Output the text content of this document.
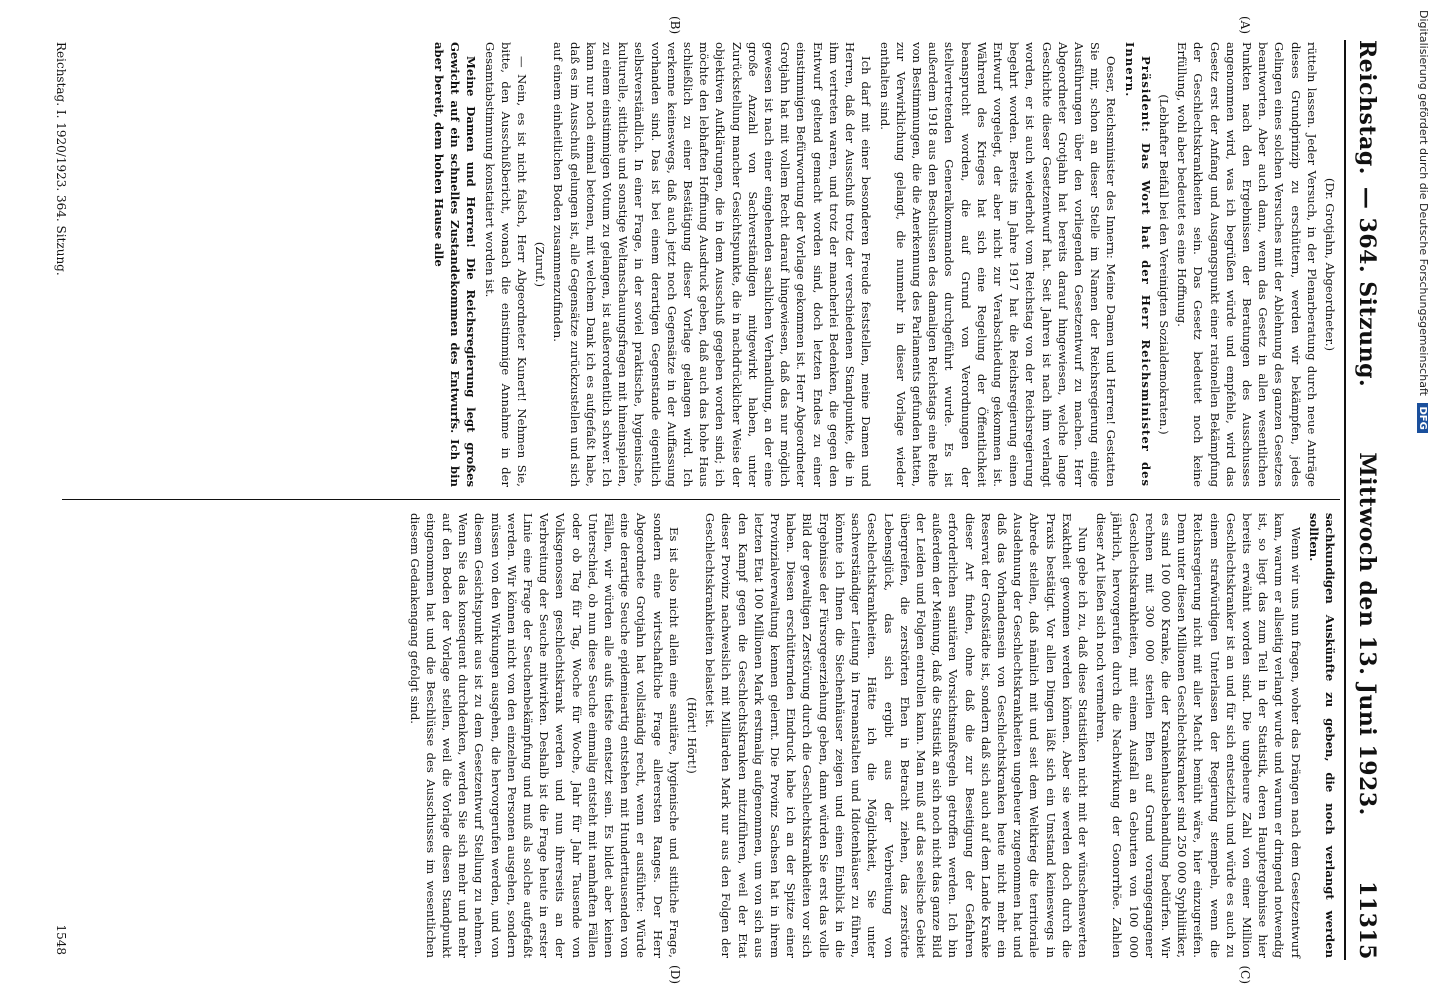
Reichstag.
— 364. Sitzung.
Mittwoch den 13. Juni 1923.
11315
(A)
(B)
(C)
(D)

(Dr. Grotjahn, Abgeordneter.)

rütteln lassen. Jeder Versuch, in der Plenarberatung durch neue Anträge dieses Grundprinzip zu erschüttern, werden wir bekämpfen, jedes Gelingen eines solchen Versuches mit der Ablehnung des ganzen Gesetzes beantworten. Aber auch dann, wenn das Gesetz in allen wesentlichen Punkten nach den Ergebnissen der Beratungen des Ausschusses angenommen wird, was ich begrüßen würde und empfehle, wird das Gesetz erst der Anfang und Ausgangspunkt einer rationellen Bekämpfung der Geschlechtskrankheiten sein. Das Gesetz bedeutet noch keine Erfüllung, wohl aber bedeutet es eine Hoffnung.

(Lebhafter Beifall bei den Vereinigten Sozialdemokraten.)

Präsident: Das Wort hat der Herr Reichsminister des Innern.

Oeser, Reichsminister des Innern: Meine Damen und Herren! Gestatten Sie mir, schon an dieser Stelle im Namen der Reichsregierung einige Ausführungen über den vorliegenden Gesetzentwurf zu machen. Herr Abgeordneter Grotjahn hat bereits darauf hingewiesen, welche lange Geschichte dieser Gesetzentwurf hat. Seit Jahren ist nach ihm verlangt worden, er ist auch wiederholt vom Reichstag von der Reichsregierung begehrt worden. Bereits im Jahre 1917 hat die Reichsregierung einen Entwurf vorgelegt, der aber nicht zur Verabschiedung gekommen ist. Während des Krieges hat sich eine Regelung der Öffentlichkeit beansprucht worden, die auf Grund von Verordnungen der stellvertretenden Generalkommandos durchgeführt wurde. Es ist außerdem 1918 aus den Beschlüssen des damaligen Reichstags eine Reihe von Bestimmungen, die die Anerkennung des Parlaments gefunden hatten, zur Verwirklichung gelangt, die nunmehr in dieser Vorlage wieder enthalten sind.

Ich darf mit einer besonderen Freude feststellen, meine Damen und Herren, daß der Ausschuß trotz der verschiedenen Standpunkte, die in ihm vertreten waren, und trotz der mancherlei Bedenken, die gegen den Entwurf geltend gemacht worden sind, doch letzten Endes zu einer einstimmigen Befürwortung der Vorlage gekommen ist. Herr Abgeordneter Grotjahn hat mit vollem Recht darauf hingewiesen, daß das nur möglich gewesen ist nach einer eingehenden sachlichen Verhandlung, an der eine große Anzahl von Sachverständigen mitgewirkt haben, unter Zurückstellung mancher Gesichtspunkte, die in nachdrücklicher Weise der objektiven Aufklärungen, die in dem Ausschuß gegeben worden sind; ich möchte den lebhaften Hoffnung Ausdruck geben, daß auch das hohe Haus schließlich zu einer Bestätigung dieser Vorlage gelangen wird. Ich verkenne keineswegs, daß auch jetzt noch Gegensätze in der Auffassung vorhanden sind. Das ist bei einem derartigen Gegenstande eigentlich selbstverständlich. In einer Frage, in der soviel praktische, hygienische, kulturelle, sittliche und sonstige Weltanschauungsfragen mit hineinspielen, zu einem einstimmigen Votum zu gelangen, ist außerordentlich schwer. Ich kann nur noch einmal betonen, mit welchem Dank ich es aufgefaßt habe, daß es im Ausschuß gelungen ist, alle Gegensätze zurückzustellen und sich auf einem einheitlichen Boden zusammenzufinden.

(Zuruf.)

— Nein, es ist nicht falsch, Herr Abgeordneter Kunert! Nehmen Sie, bitte, den Ausschußbericht, wonach die einstimmige Annahme in der Gesamtabstimmung konstatiert worden ist.

Meine Damen und Herren! Die Reichsregierung legt großes Gewicht auf ein schnelles Zustandekommen des Entwurfs. Ich bin aber bereit, dem hohen Hause alle

sachkundigen Auskünfte zu geben, die noch verlangt werden sollten.

Wenn wir uns nun fragen, woher das Drängen nach dem Gesetzentwurf kam, warum er allseitig verlangt wurde und warum er dringend notwendig ist, so liegt das zum Teil in der Statistik, deren Hauptergebnisse hier bereits erwähnt worden sind. Die ungeheure Zahl von einer Million Geschlechtskranker ist an und für sich entsetzlich und würde es auch zu einem strafwürdigen Unterlassen der Regierung stempeln, wenn die Reichsregierung nicht mit aller Macht bemüht wäre, hier einzugreifen. Denn unter diesen Millionen Geschlechtskranker sind 250 000 Syphilitiker, es sind 100 000 Kranke, die der Krankenhausbehandlung bedürfen. Wir rechnen mit 300 000 sterilen Ehen auf Grund vorangegangener Geschlechtskrankheiten, mit einem Ausfall an Geburten von 100 000 jährlich, hervorgerufen durch die Nachwirkung der Gonorrhöe. Zahlen dieser Art ließen sich noch vermehren.

Nun gebe ich zu, daß diese Statistiken nicht mit der wünschenswerten Exaktheit gewonnen werden können. Aber sie werden doch durch die Praxis bestätigt. Vor allen Dingen läßt sich ein Umstand keineswegs in Abrede stellen, daß nämlich mit und seit dem Weltkrieg die territoriale Ausdehnung der Geschlechtskrankheiten ungeheuer zugenommen hat und daß das Vorhandensein von Geschlechtskranken heute nicht mehr ein Reservat der Großstädte ist, sondern daß sich auch auf dem Lande Kranke dieser Art finden, ohne daß die zur Beseitigung der Gefahren erforderlichen sanitären Vorsichtsmaßregeln getroffen werden. Ich bin außerdem der Meinung, daß die Statistik an sich noch nicht das ganze Bild der Leiden und Folgen entrollen kann. Man muß auf das seelische Gebiet übergreifen, die zerstörten Ehen in Betracht ziehen, das zerstörte Lebensglück, das sich ergibt aus der Verbreitung von Geschlechtskrankheiten. Hätte ich die Möglichkeit, Sie unter sachverständiger Leitung in Irrenanstalten und Idiotenhäuser zu führen, könnte ich Ihnen die Siechenhäuser zeigen und einen Einblick in die Ergebnisse der Fürsorgeerziehung geben, dann würden Sie erst das volle Bild der gewaltigen Zerstörung durch die Geschlechtskrankheiten vor sich haben. Diesen erschütternden Eindruck habe ich an der Spitze einer Provinzialverwaltung kennen gelernt. Die Provinz Sachsen hat in ihrem letzten Etat 100 Millionen Mark erstmalig aufgenommen, um von sich aus den Kampf gegen die Geschlechtskranken mitzuführen, weil der Etat dieser Provinz nachweislich mit Milliarden Mark nur aus den Folgen der Geschlechtskrankheiten belastet ist.

(Hört! Hört!)

Es ist also nicht allein eine sanitäre, hygienische und sittliche Frage, sondern eine wirtschaftliche Frage allerersten Ranges. Der Herr Abgeordnete Grotjahn hat vollständig recht, wenn er ausführte: Würde eine derartige Seuche epidemieartig entstehen mit Hunderttausenden von Fällen, wir würden alle aufs tiefste entsetzt sein. Es bildet aber keinen Unterschied, ob nun diese Seuche einmalig entsteht mit namhaften Fällen oder ob Tag für Tag, Woche für Woche, Jahr für Jahr Tausende von Volksgenossen geschlechtskrank werden und nun ihrerseits an der Verbreitung der Seuche mitwirken. Deshalb ist die Frage heute in erster Linie eine Frage der Seuchenbekämpfung und muß als solche aufgefaßt werden. Wir können nicht von den einzelnen Personen ausgehen, sondern müssen von den Wirkungen ausgehen, die hervorgerufen werden, und von diesem Gesichtspunkt aus ist zu dem Gesetzentwurf Stellung zu nehmen. Wenn Sie das konsequent durchdenken, werden Sie sich mehr und mehr auf den Boden der Vorlage stellen, weil die Vorlage diesen Standpunkt eingenommen hat und die Beschlüsse des Ausschusses im wesentlichen diesem Gedankengang gefolgt sind.

Reichstag. I. 1920/1923. 364. Sitzung.
1548
Digitalisierung gefördert durch die Deutsche Forschungsgemeinschaft DFG
